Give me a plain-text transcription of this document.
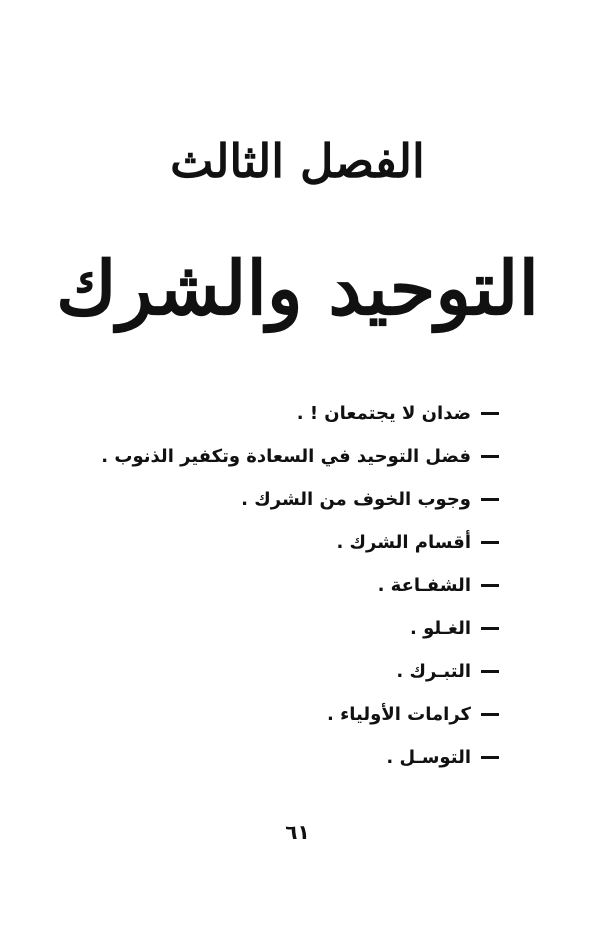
الفصل الثالث
التوحيد والشرك
ضدان لا يجتمعان ! .
فضل التوحيد في السعادة وتكفير الذنوب .
وجوب الخوف من الشرك .
أقسام الشرك .
الشفـاعة .
الغـلو .
التبـرك .
كرامات الأولياء .
التوسـل .
٦١
